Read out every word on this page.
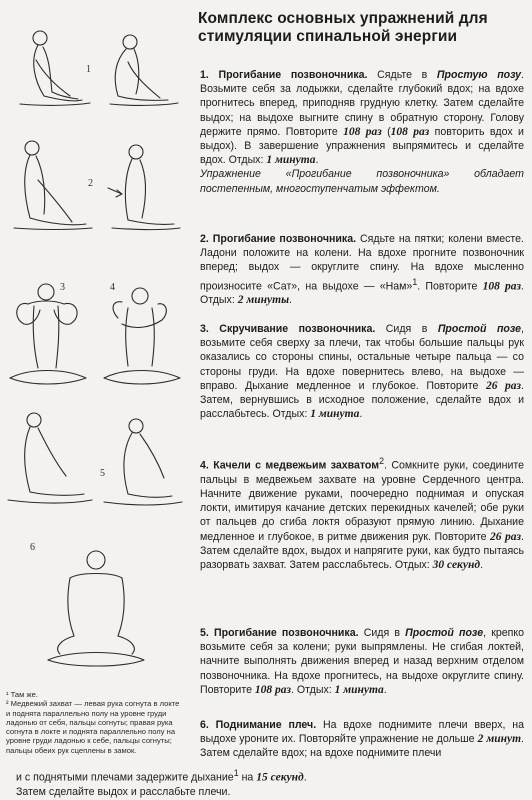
1
2
3	4
5
6

¹ Там же.

² Медвежий захват — левая рука согнута в локте и поднята параллельно полу на уровне груди ладонью от себя, пальцы согнуты; правая рука согнута в локте и поднята параллельно полу на уровне груди ладонью к себе, пальцы согнуты; пальцы обеих рук сцеплены в замок.

Комплекс основных упражнений для стимуляции спинальной энергии
1. Прогибание позвоночника. Сядьте в Простую позу. Возьмите себя за лодыжки, сделайте глубокий вдох; на вдохе прогнитесь вперед, приподняв грудную клетку. Затем сделайте выдох; на выдохе выгните спину в обратную сторону. Голову держите прямо. Повторите 108 раз (108 раз повторить вдох и выдох). В завершение упражнения выпрямитесь и сделайте вдох. Отдых: 1 минута.
Упражнение «Прогибание позвоночника» обладает постепенным, многоступенчатым эффектом.
2. Прогибание позвоночника. Сядьте на пятки; колени вместе. Ладони положите на колени. На вдохе прогните позвоночник вперед; выдох — округлите спину. На вдохе мысленно произносите «Сат», на выдохе — «Нам»$^1$. Повторите 108 раз. Отдых: 2 минуты.
3. Скручивание позвоночника. Сидя в Простой позе, возьмите себя сверху за плечи, так чтобы большие пальцы рук оказались со стороны спины, остальные четыре пальца — со стороны груди. На вдохе повернитесь влево, на выдохе — вправо. Дыхание медленное и глубокое. Повторите 26 раз. Затем, вернувшись в исходное положение, сделайте вдох и расслабьтесь. Отдых: 1 минута.
4. Качели с медвежьим захватом$^2$. Сомкните руки, соедините пальцы в медвежьем захвате на уровне Сердечного центра. Начните движение руками, поочередно поднимая и опуская локти, имитируя качание детских перекидных качелей; обе руки от пальцев до сгиба локтя образуют прямую линию. Дыхание медленное и глубокое, в ритме движения рук. Повторите 26 раз. Затем сделайте вдох, выдох и напрягите руки, как будто пытаясь разорвать захват. Затем расслабьтесь. Отдых: 30 секунд.
5. Прогибание позвоночника. Сидя в Простой позе, крепко возьмите себя за колени; руки выпрямлены. Не сгибая локтей, начните выполнять движения вперед и назад верхним отделом позвоночника. На вдохе прогнитесь, на выдохе округлите спину. Повторите 108 раз. Отдых: 1 минута.
6. Поднимание плеч. На вдохе поднимите плечи вверх, на выдохе уроните их. Повторяйте упражнение не дольше 2 минут. Затем сделайте вдох; на вдохе поднимите плечи
и с поднятыми плечами задержите дыхание$^1$ на 15 секунд. Затем сделайте выдох и расслабьте плечи.
